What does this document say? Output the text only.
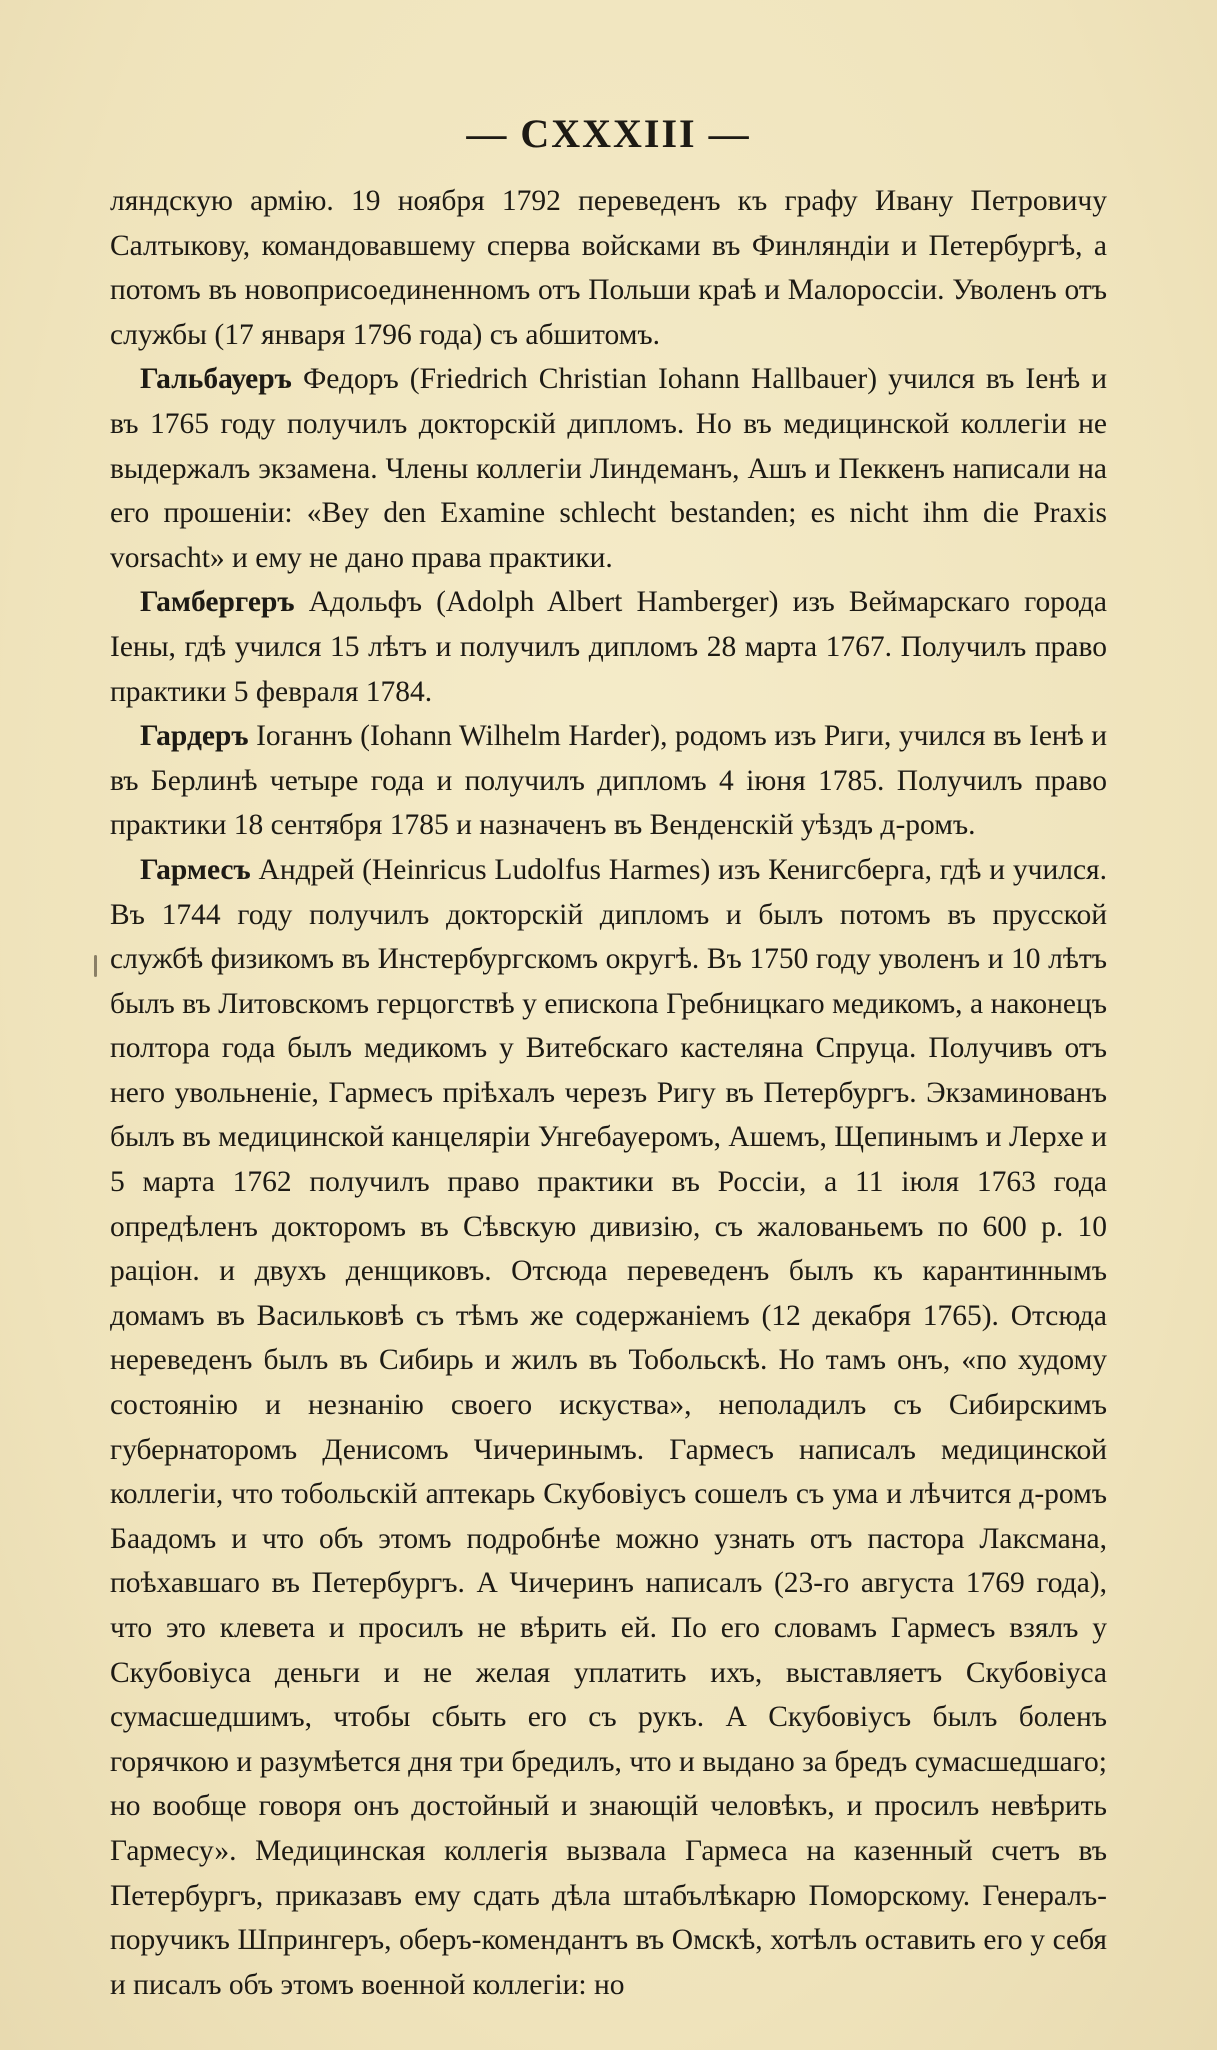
— CXXXIII —

ляндскую армію. 19 ноября 1792 переведенъ къ графу Ивану Петровичу Салтыкову, командовавшему сперва войсками въ Финляндіи и Петербургѣ, а потомъ въ новоприсоединенномъ отъ Польши краѣ и Малороссіи. Уволенъ отъ службы (17 января 1796 года) съ абшитомъ.

Гальбауеръ Федоръ (Friedrich Christian Iohann Hallbauer) учился въ Іенѣ и въ 1765 году получилъ докторскій дипломъ. Но въ медицинской коллегіи не выдержалъ экзамена. Члены коллегіи Линдеманъ, Ашъ и Пеккенъ написали на его прошеніи: «Bey den Examine schlecht bestanden; es nicht ihm die Praxis vorsacht» и ему не дано права практики.

Гамбергеръ Адольфъ (Adolph Albert Hamberger) изъ Веймарскаго города Іены, гдѣ учился 15 лѣтъ и получилъ дипломъ 28 марта 1767. Получилъ право практики 5 февраля 1784.

Гардеръ Іоганнъ (Iohann Wilhelm Harder), родомъ изъ Риги, учился въ Іенѣ и въ Берлинѣ четыре года и получилъ дипломъ 4 іюня 1785. Получилъ право практики 18 сентября 1785 и назначенъ въ Венденскій уѣздъ д-ромъ.

Гармесъ Андрей (Heinricus Ludolfus Harmes) изъ Кенигсберга, гдѣ и учился. Въ 1744 году получилъ докторскій дипломъ и былъ потомъ въ прусской службѣ физикомъ въ Инстербургскомъ округѣ. Въ 1750 году уволенъ и 10 лѣтъ былъ въ Литовскомъ герцогствѣ у епископа Гребницкаго медикомъ, а наконецъ полтора года былъ медикомъ у Витебскаго кастеляна Спруца. Получивъ отъ него увольненіе, Гармесъ пріѣхалъ черезъ Ригу въ Петербургъ. Экзаминованъ былъ въ медицинской канцеляріи Унгебауеромъ, Ашемъ, Щепинымъ и Лерхе и 5 марта 1762 получилъ право практики въ Россіи, а 11 іюля 1763 года опредѣленъ докторомъ въ Сѣвскую дивизію, съ жалованьемъ по 600 р. 10 раціон. и двухъ денщиковъ. Отсюда переведенъ былъ къ карантиннымъ домамъ въ Васильковѣ съ тѣмъ же содержаніемъ (12 декабря 1765). Отсюда нереведенъ былъ въ Сибирь и жилъ въ Тобольскѣ. Но тамъ онъ, «по худому состоянію и незнанію своего искуства», неполадилъ съ Сибирскимъ губернаторомъ Денисомъ Чичеринымъ. Гармесъ написалъ медицинской коллегіи, что тобольскій аптекарь Скубовіусъ сошелъ съ ума и лѣчится д-ромъ Баадомъ и что объ этомъ подробнѣе можно узнать отъ пастора Лаксмана, поѣхавшаго въ Петербургъ. А Чичеринъ написалъ (23-го августа 1769 года), что это клевета и просилъ не вѣрить ей. По его словамъ Гармесъ взялъ у Скубовіуса деньги и не желая уплатить ихъ, выставляетъ Скубовіуса сумасшедшимъ, чтобы сбыть его съ рукъ. А Скубовіусъ былъ боленъ горячкою и разумѣется дня три бредилъ, что и выдано за бредъ сумасшедшаго; но вообще говоря онъ достойный и знающій человѣкъ, и просилъ невѣрить Гармесу». Медицинская коллегія вызвала Гармеса на казенный счетъ въ Петербургъ, приказавъ ему сдать дѣла штабълѣкарю Поморскому. Генералъ-поручикъ Шпрингеръ, оберъ-комендантъ въ Омскѣ, хотѣлъ оставить его у себя и писалъ объ этомъ военной коллегіи: но
